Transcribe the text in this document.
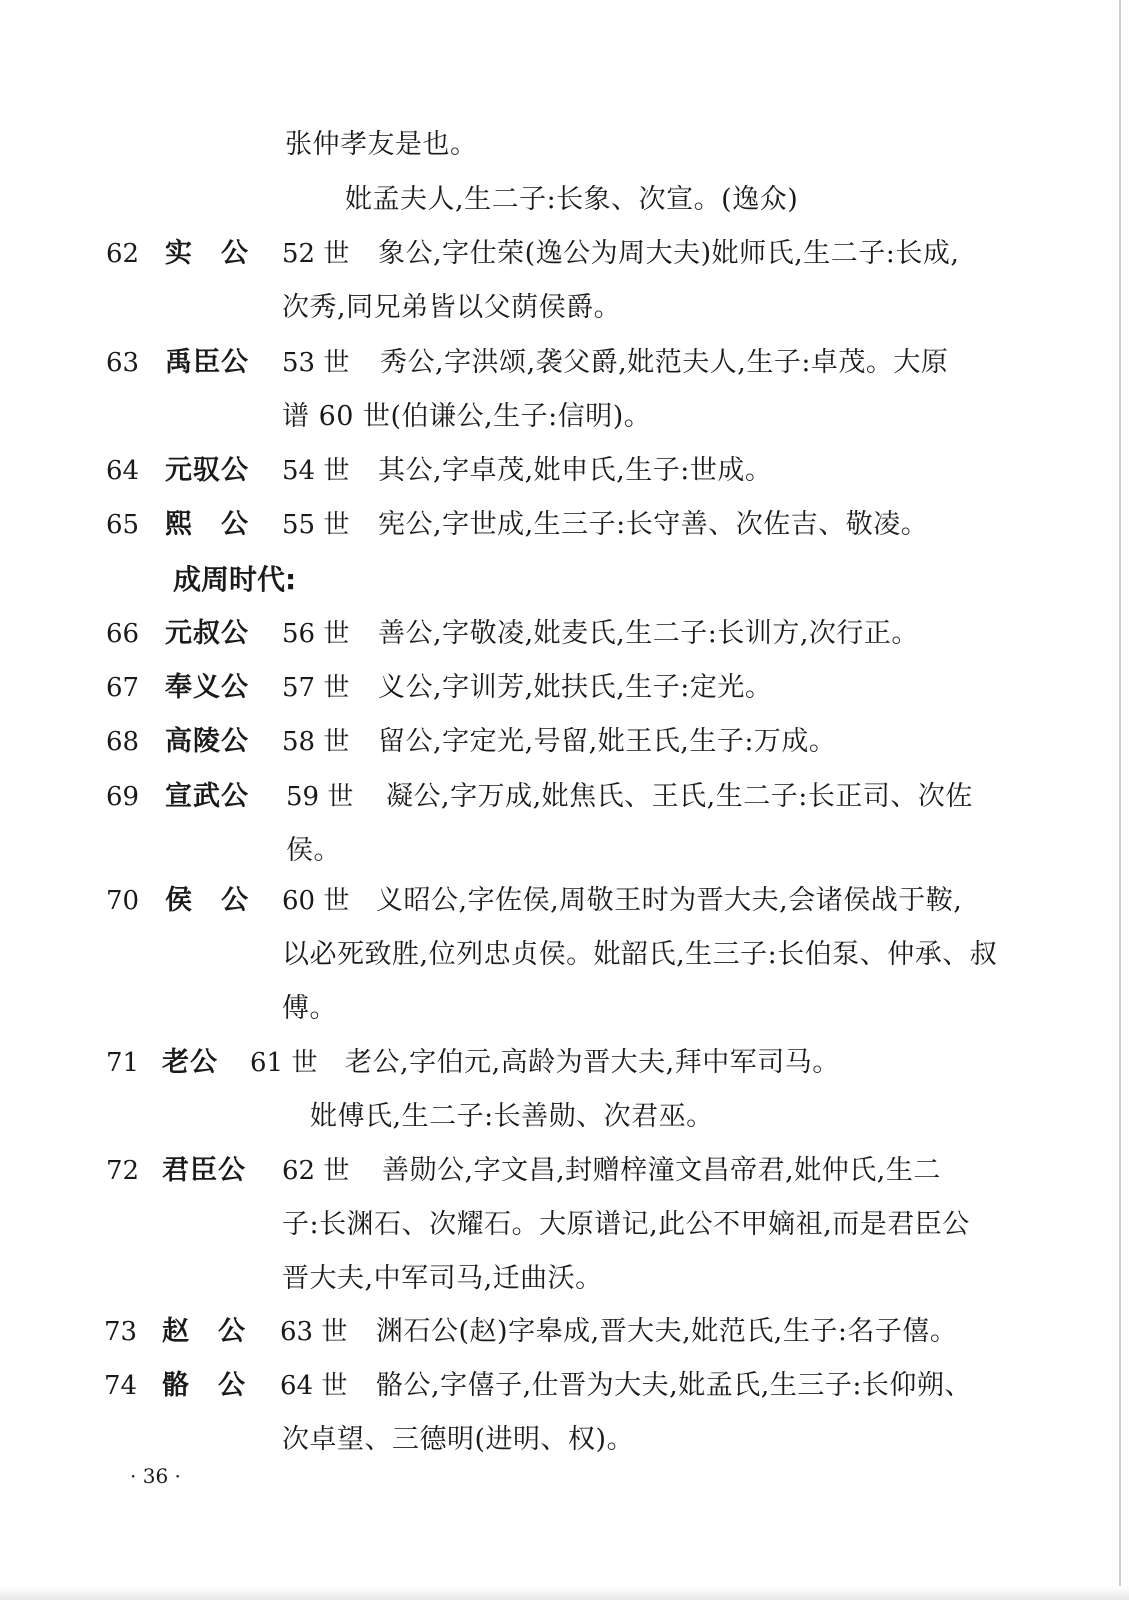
张仲孝友是也。
妣孟夫人,生二子:长象、次宣。(逸众)
62 实　公 52 世 象公,字仕荣(逸公为周大夫)妣师氏,生二子:长成,
次秀,同兄弟皆以父荫侯爵。
63 禹臣公 53 世 秀公,字洪颂,袭父爵,妣范夫人,生子:卓茂。大原
谱 60 世(伯谦公,生子:信明)。
64 元驭公 54 世 其公,字卓茂,妣申氏,生子:世成。
65 熙　公 55 世 宪公,字世成,生三子:长守善、次佐吉、敬凌。
成周时代:
66 元叔公 56 世 善公,字敬凌,妣麦氏,生二子:长训方,次行正。
67 奉义公 57 世 义公,字训芳,妣扶氏,生子:定光。
68 高陵公 58 世 留公,字定光,号留,妣王氏,生子:万成。
69 宣武公 59 世 凝公,字万成,妣焦氏、王氏,生二子:长正司、次佐
侯。
70 侯　公 60 世 义昭公,字佐侯,周敬王时为晋大夫,会诸侯战于鞍,
以必死致胜,位列忠贞侯。妣韶氏,生三子:长伯泵、仲承、叔
傅。
71 老公 61 世 老公,字伯元,高龄为晋大夫,拜中军司马。
妣傅氏,生二子:长善勋、次君巫。
72 君臣公 62 世 善勋公,字文昌,封赠梓潼文昌帝君,妣仲氏,生二
子:长渊石、次耀石。大原谱记,此公不甲嫡祖,而是君臣公
晋大夫,中军司马,迁曲沃。
73 赵　公 63 世 渊石公(赵)字皋成,晋大夫,妣范氏,生子:名子僖。
74 骼　公 64 世 骼公,字僖子,仕晋为大夫,妣孟氏,生三子:长仰朔、
次卓望、三德明(进明、权)。
· 36 ·
